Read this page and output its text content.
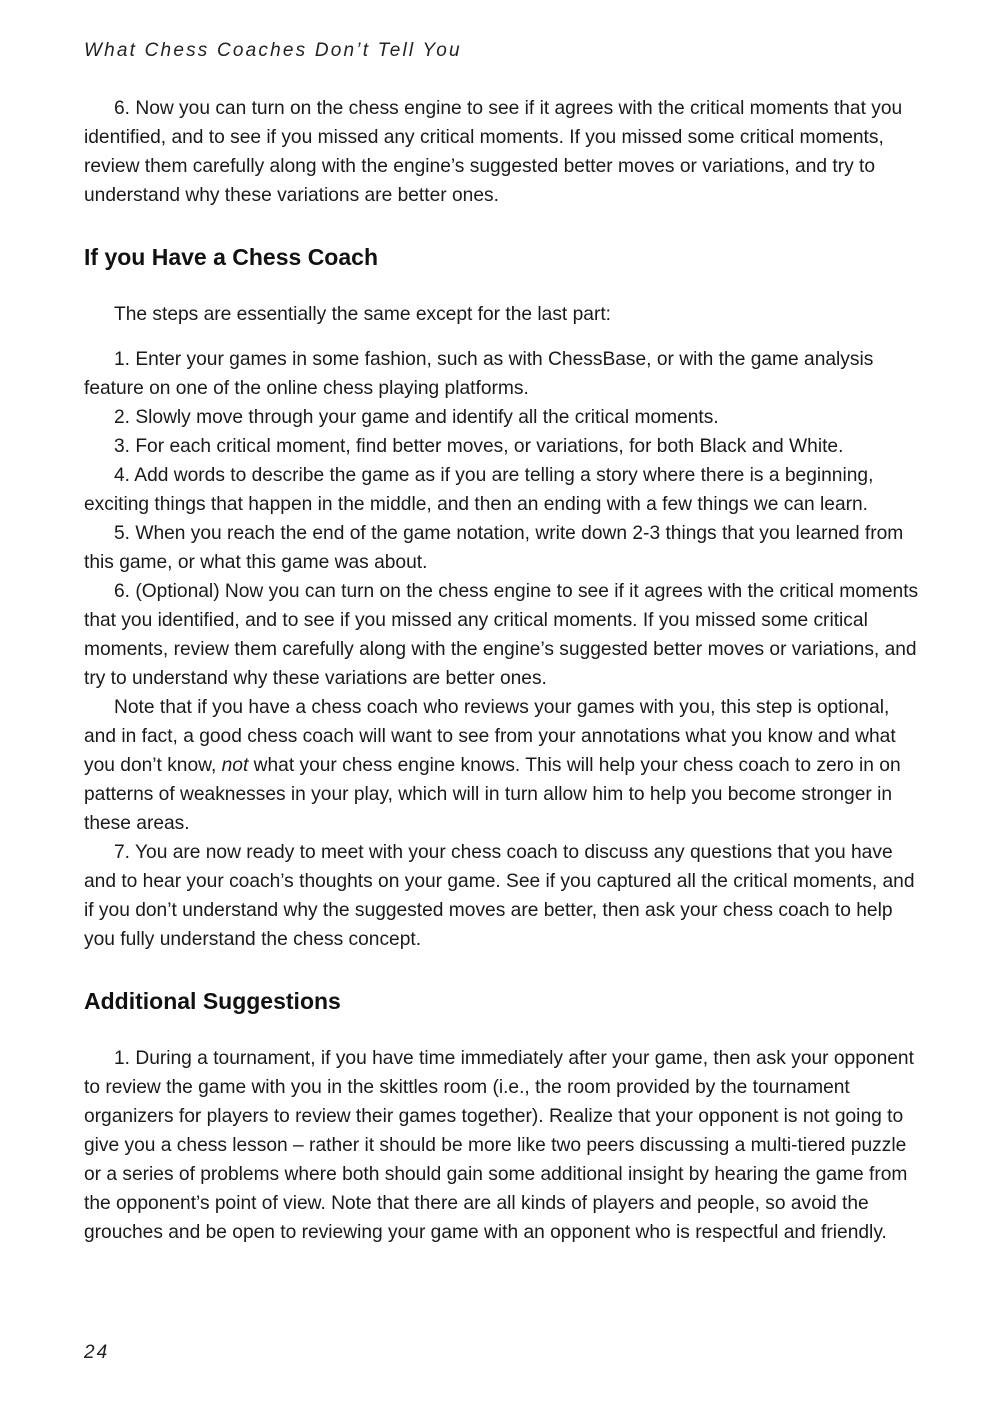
What Chess Coaches Don’t Tell You

6. Now you can turn on the chess engine to see if it agrees with the critical moments that you identified, and to see if you missed any critical moments. If you missed some critical moments, review them carefully along with the engine’s suggested better moves or variations, and try to understand why these variations are better ones.

If you Have a Chess Coach

The steps are essentially the same except for the last part:

1. Enter your games in some fashion, such as with ChessBase, or with the game analysis feature on one of the online chess playing platforms.

2. Slowly move through your game and identify all the critical moments.

3. For each critical moment, find better moves, or variations, for both Black and White.

4. Add words to describe the game as if you are telling a story where there is a beginning, exciting things that happen in the middle, and then an ending with a few things we can learn.

5. When you reach the end of the game notation, write down 2-3 things that you learned from this game, or what this game was about.

6. (Optional) Now you can turn on the chess engine to see if it agrees with the critical moments that you identified, and to see if you missed any critical moments. If you missed some critical moments, review them carefully along with the engine’s suggested better moves or variations, and try to understand why these variations are better ones.

Note that if you have a chess coach who reviews your games with you, this step is optional, and in fact, a good chess coach will want to see from your annotations what you know and what you don’t know, not what your chess engine knows. This will help your chess coach to zero in on patterns of weaknesses in your play, which will in turn allow him to help you become stronger in these areas.

7. You are now ready to meet with your chess coach to discuss any questions that you have and to hear your coach’s thoughts on your game. See if you captured all the critical moments, and if you don’t understand why the suggested moves are better, then ask your chess coach to help you fully understand the chess concept.

Additional Suggestions

1. During a tournament, if you have time immediately after your game, then ask your opponent to review the game with you in the skittles room (i.e., the room provided by the tournament organizers for players to review their games together). Realize that your opponent is not going to give you a chess lesson – rather it should be more like two peers discussing a multi-tiered puzzle or a series of problems where both should gain some additional insight by hearing the game from the opponent’s point of view. Note that there are all kinds of players and people, so avoid the grouches and be open to reviewing your game with an opponent who is respectful and friendly.

24
